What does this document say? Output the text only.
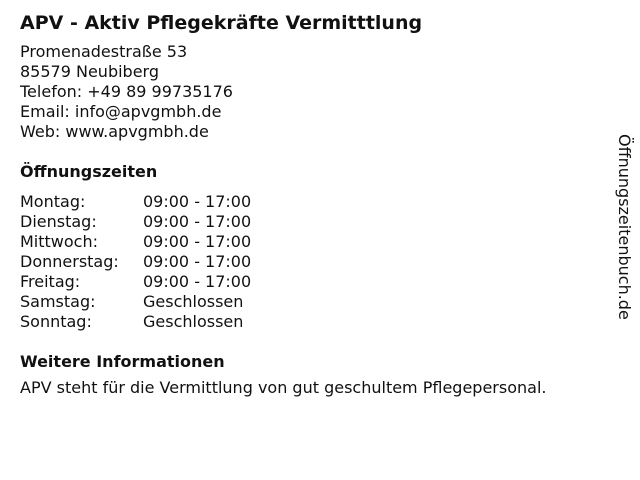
APV - Aktiv Pflegekräfte Vermitttlung
Promenadestraße 53
85579 Neubiberg
Telefon: +49 89 99735176
Email: info@apvgmbh.de
Web: www.apvgmbh.de
Öffnungszeiten
Montag:	09:00 - 17:00
Dienstag:	09:00 - 17:00
Mittwoch:	09:00 - 17:00
Donnerstag:	09:00 - 17:00
Freitag:	09:00 - 17:00
Samstag:	Geschlossen
Sonntag:	Geschlossen
Weitere Informationen
APV steht für die Vermittlung von gut geschultem Pflegepersonal.
Öffnungszeitenbuch.de
